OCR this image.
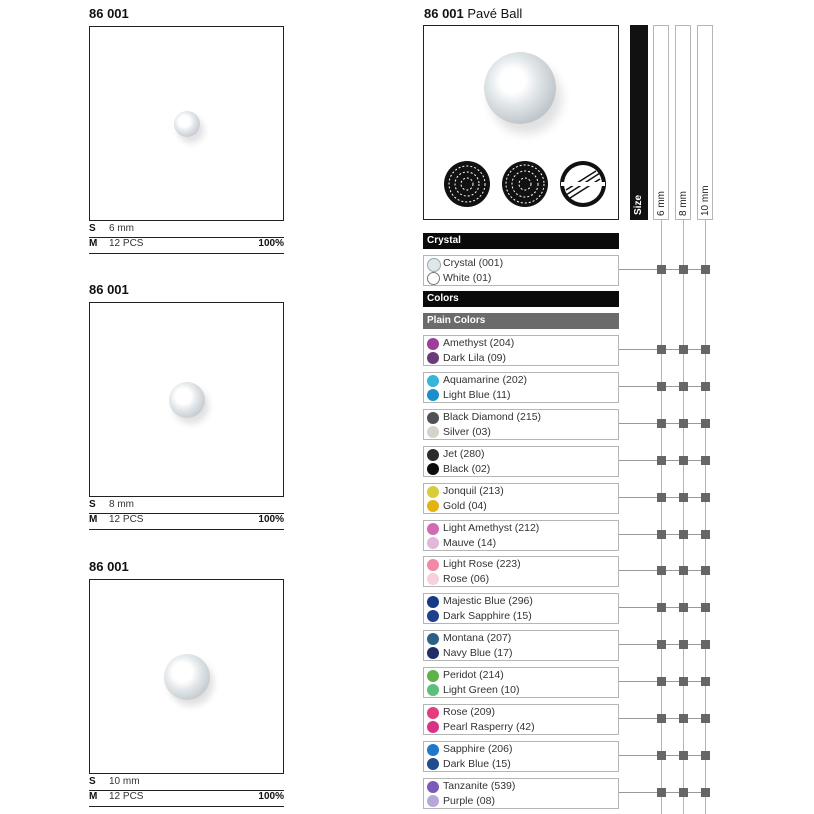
86 001
S 6 mm
M 12 PCS	100%
86 001
S 8 mm
M 12 PCS	100%
86 001
S 10 mm
M 12 PCS	100%
86 001 Pavé Ball
Size 6 mm 8 mm 10 mm
Crystal
Colors
Plain Colors
Crystal (001)
White (01)
Amethyst (204)
Dark Lila (09)
Aquamarine (202)
Light Blue (11)
Black Diamond (215)
Silver (03)
Jet (280)
Black (02)
Jonquil (213)
Gold (04)
Light Amethyst (212)
Mauve (14)
Light Rose (223)
Rose (06)
Majestic Blue (296)
Dark Sapphire (15)
Montana (207)
Navy Blue (17)
Peridot (214)
Light Green (10)
Rose (209)
Pearl Rasperry (42)
Sapphire (206)
Dark Blue (15)
Tanzanite (539)
Purple (08)
